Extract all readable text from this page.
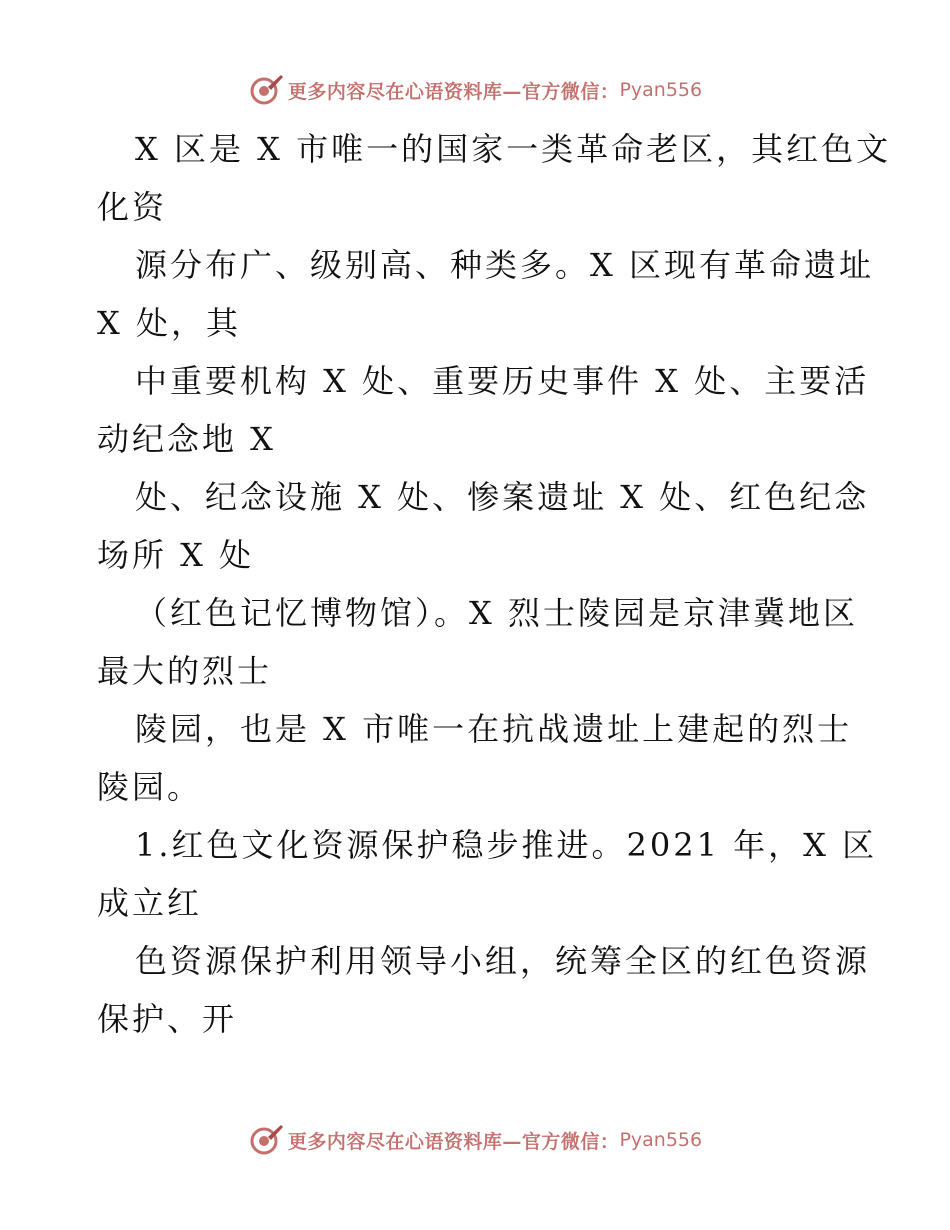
更多内容尽在心语资料库— 官方微信： Pyan556
X 区是 X 市唯一的国家一类革命老区，其红色文
化资
源分布广、级别高、种类多。X 区现有革命遗址
X 处，其
中重要机构 X 处、重要历史事件 X 处、主要活
动纪念地 X
处、纪念设施 X 处、惨案遗址 X 处、红色纪念
场所 X 处
（红色记忆博物馆）。X 烈士陵园是京津冀地区
最大的烈士
陵园，也是 X 市唯一在抗战遗址上建起的烈士
陵园。
1.红色文化资源保护稳步推进。2021 年，X 区
成立红
色资源保护利用领导小组，统筹全区的红色资源
保护、开
更多内容尽在心语资料库— 官方微信： Pyan556
